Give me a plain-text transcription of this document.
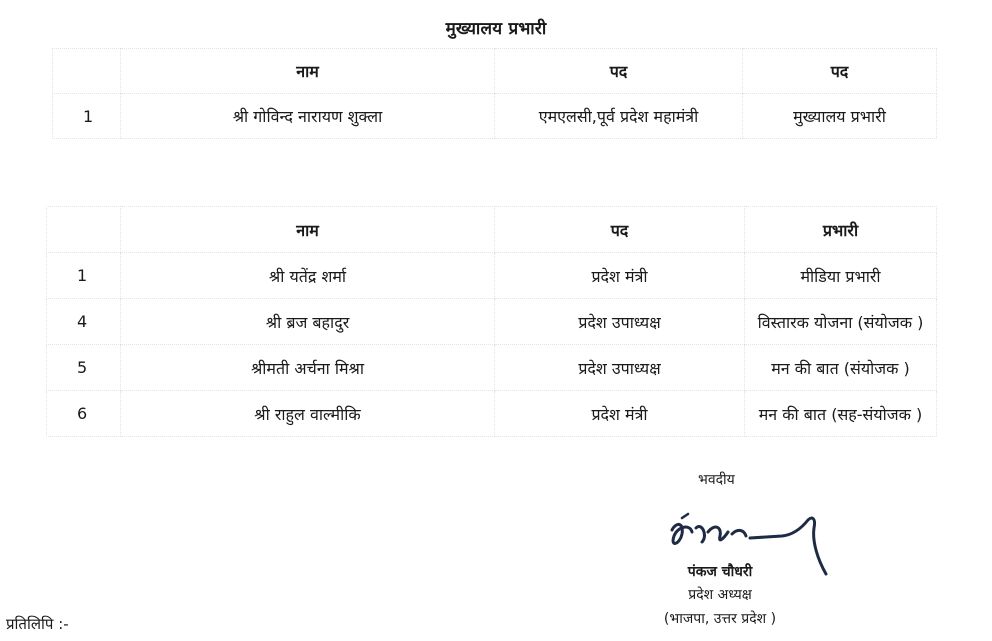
मुख्यालय प्रभारी
	नाम	पद	पद
1	श्री गोविन्द नारायण शुक्ला	एमएलसी,पूर्व प्रदेश महामंत्री	मुख्यालय प्रभारी
	नाम	पद	प्रभारी
1	श्री यतेंद्र शर्मा	प्रदेश मंत्री	मीडिया प्रभारी
4	श्री ब्रज बहादुर	प्रदेश उपाध्यक्ष	विस्तारक योजना (संयोजक )
5	श्रीमती अर्चना मिश्रा	प्रदेश उपाध्यक्ष	मन की बात (संयोजक )
6	श्री राहुल वाल्मीकि	प्रदेश मंत्री	मन की बात (सह-संयोजक )
भवदीय
पंकज चौधरी
प्रदेश अध्यक्ष
(भाजपा, उत्तर प्रदेश )
प्रतिलिपि :-
